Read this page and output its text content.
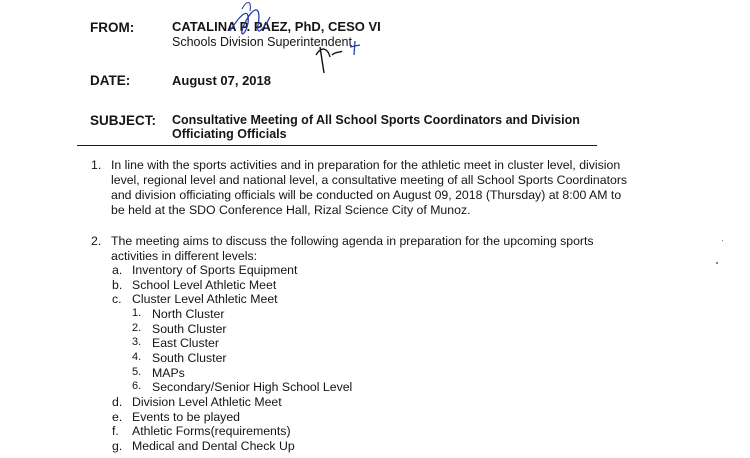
FROM:	CATALINA P. PAEZ, PhD, CESO VI
Schools Division Superintendent
DATE:	August 07, 2018
SUBJECT: Consultative Meeting of All School Sports Coordinators and Division
Officiating Officials
1. In line with the sports activities and in preparation for the athletic meet in cluster level, division
level, regional level and national level, a consultative meeting of all School Sports Coordinators
and division officiating officials will be conducted on August 09, 2018 (Thursday) at 8:00 AM to
be held at the SDO Conference Hall, Rizal Science City of Munoz.
2. The meeting aims to discuss the following agenda in preparation for the upcoming sports
activities in different levels:
a. Inventory of Sports Equipment
b. School Level Athletic Meet
c. Cluster Level Athletic Meet
1. North Cluster
2. South Cluster
3. East Cluster
4. South Cluster
5. MAPs
6. Secondary/Senior High School Level
d. Division Level Athletic Meet
e. Events to be played
f. Athletic Forms(requirements)
g. Medical and Dental Check Up
